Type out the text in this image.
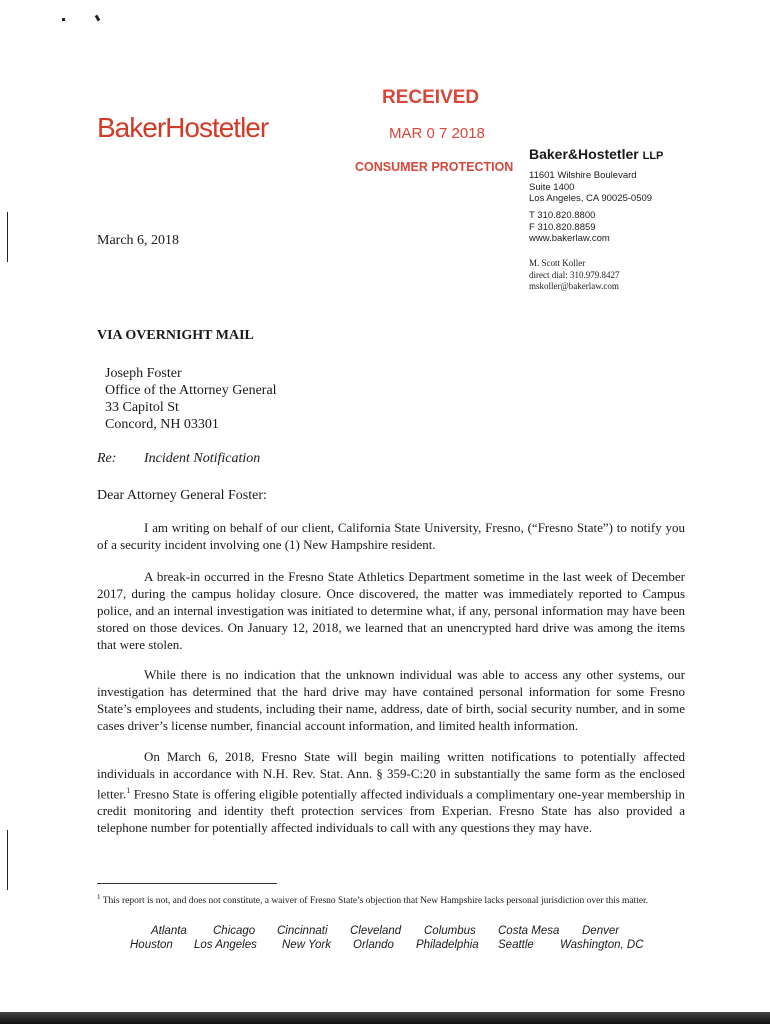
BakerHostetler
RECEIVED
MAR 0 7 2018
CONSUMER PROTECTION
Baker&Hostetler LLP
11601 Wilshire Boulevard
Suite 1400
Los Angeles, CA 90025-0509
T 310.820.8800
F 310.820.8859
www.bakerlaw.com
M. Scott Koller
direct dial: 310.979.8427
mskoller@bakerlaw.com
March 6, 2018
VIA OVERNIGHT MAIL
Joseph Foster
Office of the Attorney General
33 Capitol St
Concord, NH 03301
Re: Incident Notification
Dear Attorney General Foster:

I am writing on behalf of our client, California State University, Fresno, (“Fresno State”) to notify you of a security incident involving one (1) New Hampshire resident.

A break-in occurred in the Fresno State Athletics Department sometime in the last week of December 2017, during the campus holiday closure. Once discovered, the matter was immediately reported to Campus police, and an internal investigation was initiated to determine what, if any, personal information may have been stored on those devices. On January 12, 2018, we learned that an unencrypted hard drive was among the items that were stolen.

While there is no indication that the unknown individual was able to access any other systems, our investigation has determined that the hard drive may have contained personal information for some Fresno State’s employees and students, including their name, address, date of birth, social security number, and in some cases driver’s license number, financial account information, and limited health information.

On March 6, 2018, Fresno State will begin mailing written notifications to potentially affected individuals in accordance with N.H. Rev. Stat. Ann. § 359-C:20 in substantially the same form as the enclosed letter.$^1$ Fresno State is offering eligible potentially affected individuals a complimentary one-year membership in credit monitoring and identity theft protection services from Experian. Fresno State has also provided a telephone number for potentially affected individuals to call with any questions they may have.

$^1$ This report is not, and does not constitute, a waiver of Fresno State’s objection that New Hampshire lacks personal jurisdiction over this matter.
Atlanta Chicago Cincinnati Cleveland Columbus Costa Mesa Denver
Houston Los Angeles New York Orlando Philadelphia Seattle Washington, DC
